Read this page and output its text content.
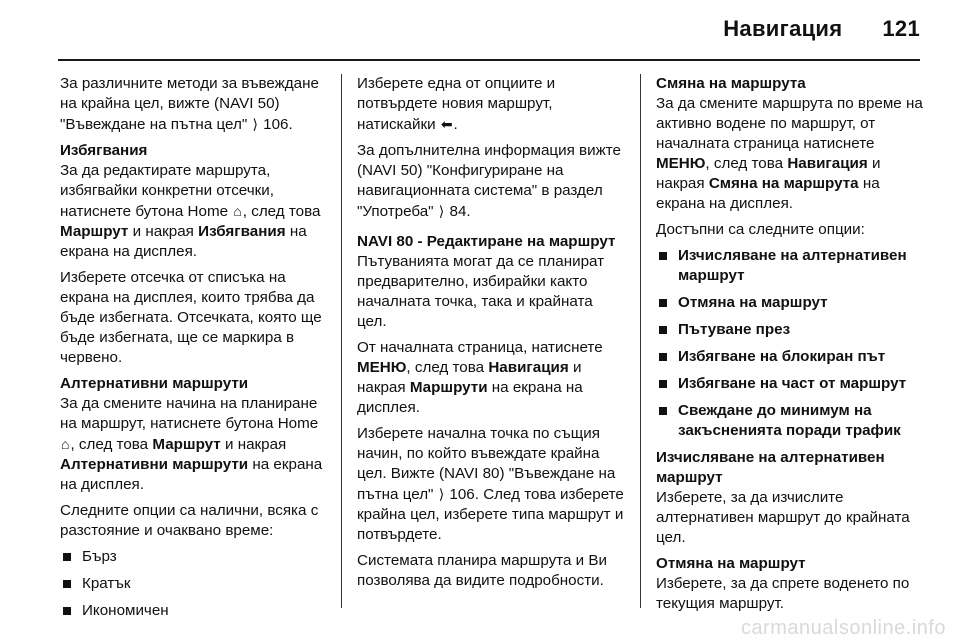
Навигация 121

За различните методи за въвеждане на крайна цел, вижте (NAVI 50) "Въвеждане на пътна цел" ⟩ 106.

Избягвания
За да редактирате маршрута, избягвайки конкретни отсечки, натиснете бутона Home ⌂, след това Маршрут и накрая Избягвания на екрана на дисплея.

Изберете отсечка от списъка на екрана на дисплея, които трябва да бъде избегната. Отсечката, която ще бъде избегната, ще се маркира в червено.

Алтернативни маршрути
За да смените начина на планиране на маршрут, натиснете бутона Home ⌂, след това Маршрут и накрая Алтернативни маршрути на екрана на дисплея.

Следните опции са налични, всяка с разстояние и очаквано време:

Бърз
Кратък
Икономичен

Изберете една от опциите и потвърдете новия маршрут, натискайки ⬅.

За допълнителна информация вижте (NAVI 50) "Конфигуриране на навигационната система" в раздел "Употреба" ⟩ 84.

NAVI 80 - Редактиране на маршрут
Пътуванията могат да се планират предварително, избирайки както началната точка, така и крайната цел.

От началната страница, натиснете МЕНЮ, след това Навигация и накрая Маршрути на екрана на дисплея.

Изберете начална точка по същия начин, по който въвеждате крайна цел. Вижте (NAVI 80) "Въвеждане на пътна цел" ⟩ 106. След това изберете крайна цел, изберете типа маршрут и потвърдете.

Системата планира маршрута и Ви позволява да видите подробности.

Смяна на маршрута
За да смените маршрута по време на активно водене по маршрут, от началната страница натиснете МЕНЮ, след това Навигация и накрая Смяна на маршрута на екрана на дисплея.

Достъпни са следните опции:

Изчисляване на алтернативен маршрут
Отмяна на маршрут
Пътуване през
Избягване на блокиран път
Избягване на част от маршрут
Свеждане до минимум на закъсненията поради трафик

Изчисляване на алтернативен маршрут
Изберете, за да изчислите алтернативен маршрут до крайната цел.

Отмяна на маршрут
Изберете, за да спрете воденето по текущия маршрут.

carmanualsonline.info
